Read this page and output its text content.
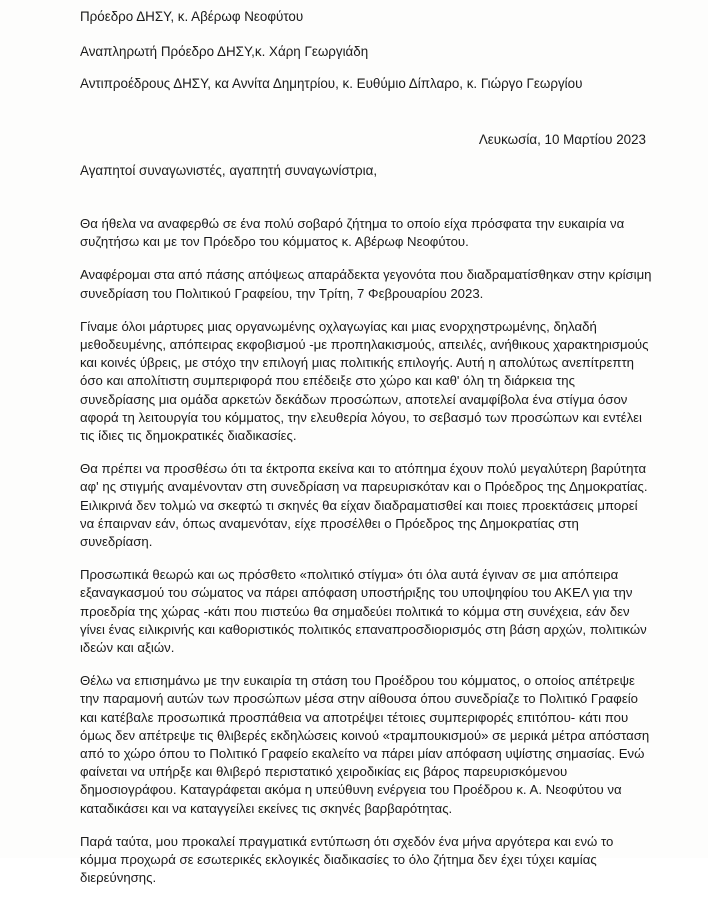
Πρόεδρο ΔΗΣΥ, κ. Αβέρωφ Νεοφύτου
Αναπληρωτή Πρόεδρο ΔΗΣΥ,κ. Χάρη Γεωργιάδη
Αντιπροέδρους ΔΗΣΥ, κα Αννίτα Δημητρίου, κ. Ευθύμιο Δίπλαρο, κ. Γιώργο Γεωργίου
Λευκωσία, 10 Μαρτίου 2023
Αγαπητοί συναγωνιστές, αγαπητή συναγωνίστρια,

Θα ήθελα να αναφερθώ σε ένα πολύ σοβαρό ζήτημα το οποίο είχα πρόσφατα την ευκαιρία να συζητήσω και με τον Πρόεδρο του κόμματος κ. Αβέρωφ Νεοφύτου.

Αναφέρομαι στα από πάσης απόψεως απαράδεκτα γεγονότα που διαδραματίσθηκαν στην κρίσιμη συνεδρίαση του Πολιτικού Γραφείου, την Τρίτη, 7 Φεβρουαρίου 2023.

Γίναμε όλοι μάρτυρες μιας οργανωμένης οχλαγωγίας και μιας ενορχηστρωμένης, δηλαδή μεθοδευμένης, απόπειρας εκφοβισμού -με προπηλακισμούς, απειλές, ανήθικους χαρακτηρισμούς και κοινές ύβρεις, με στόχο την επιλογή μιας πολιτικής επιλογής. Αυτή η απολύτως ανεπίτρεπτη όσο και απολίτιστη συμπεριφορά που επέδειξε στο χώρο και καθ' όλη τη διάρκεια της συνεδρίασης μια ομάδα αρκετών δεκάδων προσώπων, αποτελεί αναμφίβολα ένα στίγμα όσον αφορά τη λειτουργία του κόμματος, την ελευθερία λόγου, το σεβασμό των προσώπων και εντέλει τις ίδιες τις δημοκρατικές διαδικασίες.

Θα πρέπει να προσθέσω ότι τα έκτροπα εκείνα και το ατόπημα έχουν πολύ μεγαλύτερη βαρύτητα αφ' ης στιγμής αναμένονταν στη συνεδρίαση να παρευρισκόταν και ο Πρόεδρος της Δημοκρατίας. Ειλικρινά δεν τολμώ να σκεφτώ τι σκηνές θα είχαν διαδραματισθεί και ποιες προεκτάσεις μπορεί να έπαιρναν εάν, όπως αναμενόταν, είχε προσέλθει ο Πρόεδρος της Δημοκρατίας στη συνεδρίαση.

Προσωπικά θεωρώ και ως πρόσθετο «πολιτικό στίγμα» ότι όλα αυτά έγιναν σε μια απόπειρα εξαναγκασμού του σώματος να πάρει απόφαση υποστήριξης του υποψηφίου του ΑΚΕΛ για την προεδρία της χώρας -κάτι που πιστεύω θα σημαδεύει πολιτικά το κόμμα στη συνέχεια, εάν δεν γίνει ένας ειλικρινής και καθοριστικός πολιτικός επαναπροσδιορισμός στη βάση αρχών, πολιτικών ιδεών και αξιών.

Θέλω να επισημάνω με την ευκαιρία τη στάση του Προέδρου του κόμματος, ο οποίος απέτρεψε την παραμονή αυτών των προσώπων μέσα στην αίθουσα όπου συνεδρίαζε το Πολιτικό Γραφείο και κατέβαλε προσωπικά προσπάθεια να αποτρέψει τέτοιες συμπεριφορές επιτόπου- κάτι που όμως δεν απέτρεψε τις θλιβερές εκδηλώσεις κοινού «τραμπουκισμού» σε μερικά μέτρα απόσταση από το χώρο όπου το Πολιτικό Γραφείο εκαλείτο να πάρει μίαν απόφαση υψίστης σημασίας. Ενώ φαίνεται να υπήρξε και θλιβερό περιστατικό χειροδικίας εις βάρος παρευρισκόμενου δημοσιογράφου. Καταγράφεται ακόμα η υπεύθυνη ενέργεια του Προέδρου κ. Α. Νεοφύτου να καταδικάσει και να καταγγείλει εκείνες τις σκηνές βαρβαρότητας.

Παρά ταύτα, μου προκαλεί πραγματικά εντύπωση ότι σχεδόν ένα μήνα αργότερα και ενώ το κόμμα προχωρά σε εσωτερικές εκλογικές διαδικασίες το όλο ζήτημα δεν έχει τύχει καμίας διερεύνησης.
